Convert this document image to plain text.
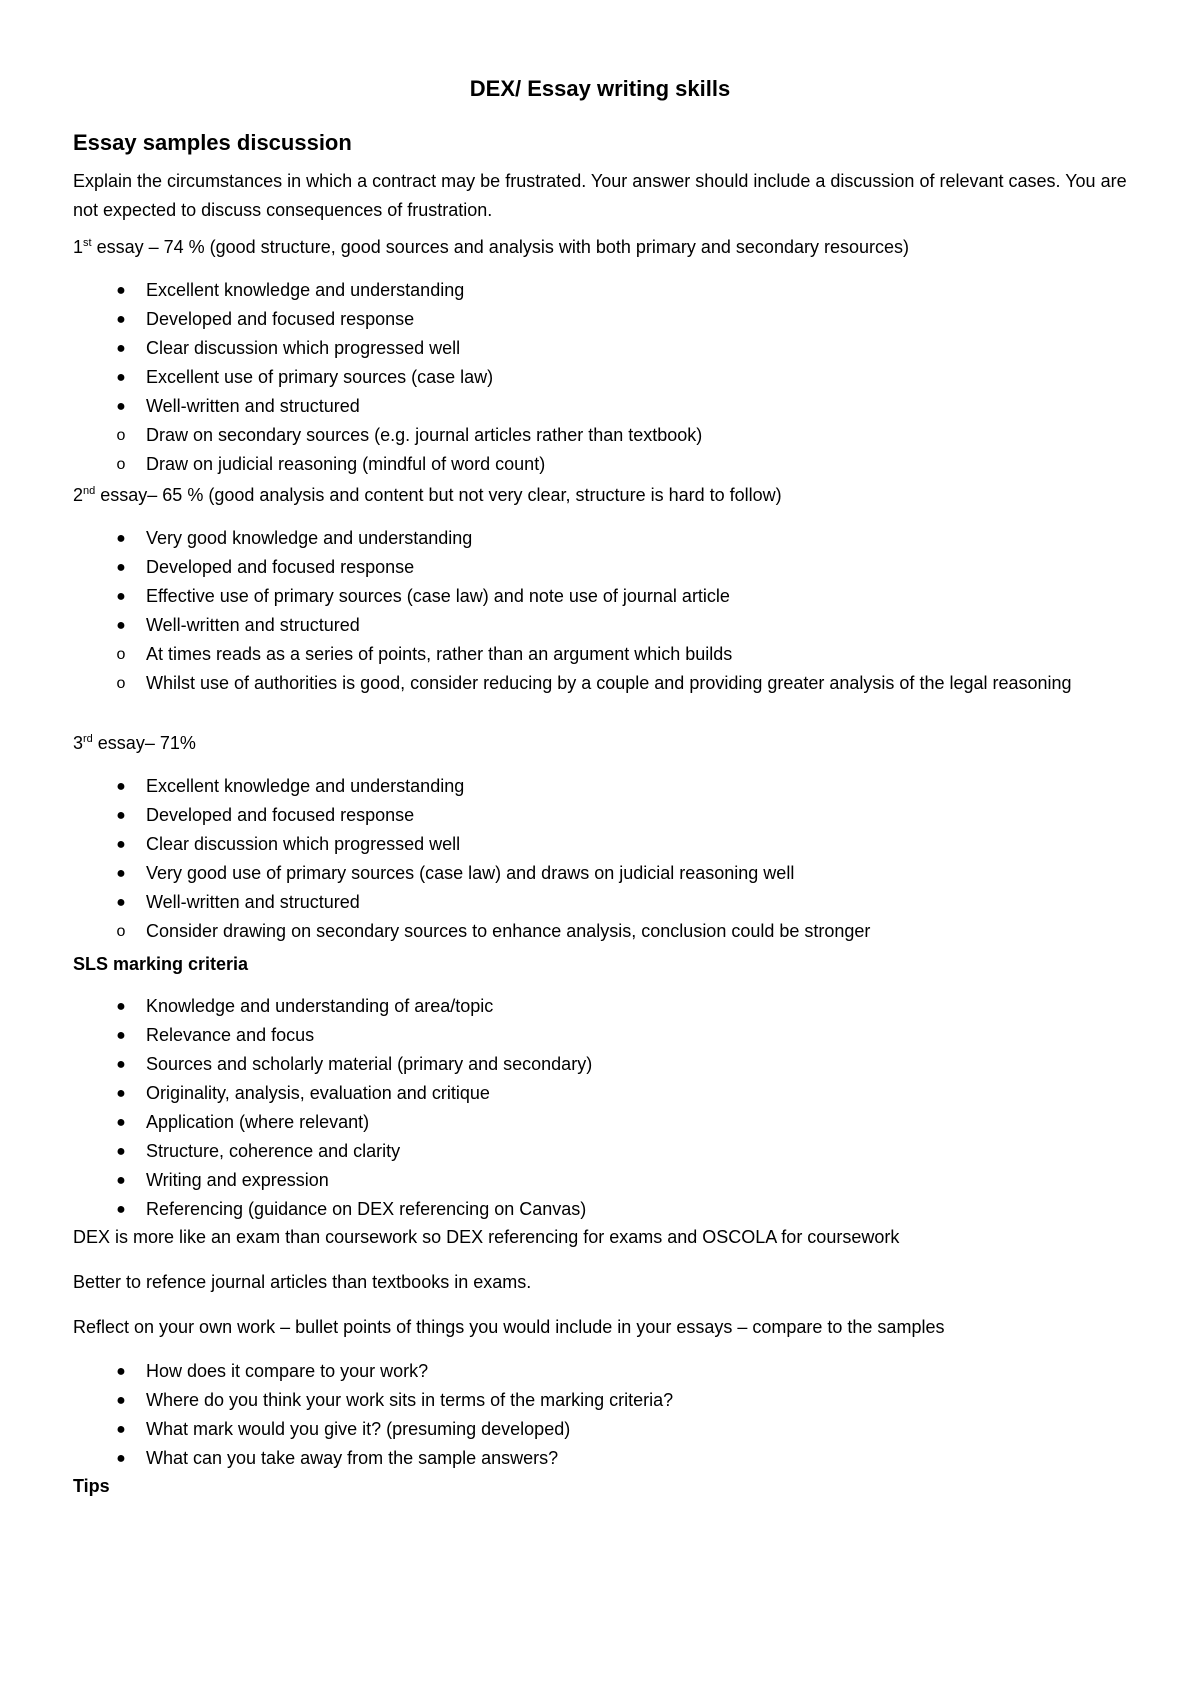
DEX/ Essay writing skills
Essay samples discussion

Explain the circumstances in which a contract may be frustrated. Your answer should include a discussion of relevant cases. You are not expected to discuss consequences of frustration.

1st essay – 74 % (good structure, good sources and analysis with both primary and secondary resources)

● Excellent knowledge and understanding
● Developed and focused response
● Clear discussion which progressed well
● Excellent use of primary sources (case law)
● Well-written and structured
o	Draw on secondary sources (e.g. journal articles rather than textbook)
o	Draw on judicial reasoning (mindful of word count)

2nd essay– 65 % (good analysis and content but not very clear, structure is hard to follow)

● Very good knowledge and understanding
● Developed and focused response
● Effective use of primary sources (case law) and note use of journal article
● Well-written and structured
o	At times reads as a series of points, rather than an argument which builds
o	Whilst use of authorities is good, consider reducing by a couple and providing greater analysis of the legal reasoning

3rd essay– 71%

● Excellent knowledge and understanding
● Developed and focused response
● Clear discussion which progressed well
● Very good use of primary sources (case law) and draws on judicial reasoning well
● Well-written and structured
o	Consider drawing on secondary sources to enhance analysis, conclusion could be stronger

SLS marking criteria

● Knowledge and understanding of area/topic
● Relevance and focus
● Sources and scholarly material (primary and secondary)
● Originality, analysis, evaluation and critique
● Application (where relevant)
● Structure, coherence and clarity
● Writing and expression
● Referencing (guidance on DEX referencing on Canvas)

DEX is more like an exam than coursework so DEX referencing for exams and OSCOLA for coursework

Better to refence journal articles than textbooks in exams.

Reflect on your own work – bullet points of things you would include in your essays – compare to the samples

● How does it compare to your work?
● Where do you think your work sits in terms of the marking criteria?
● What mark would you give it? (presuming developed)
● What can you take away from the sample answers?

Tips
